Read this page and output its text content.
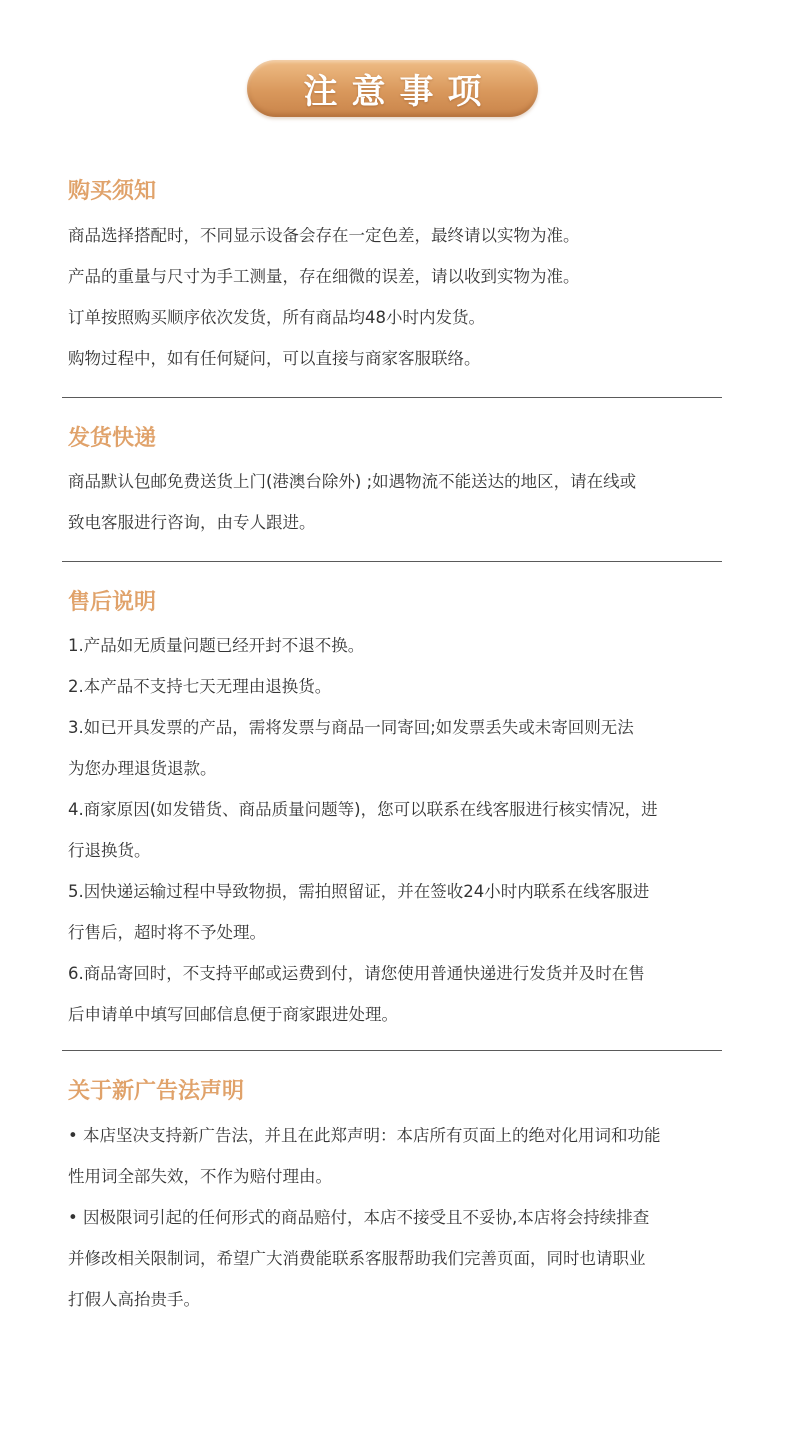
注意事项
购买须知
商品选择搭配时，不同显示设备会存在一定色差，最终请以实物为准。
产品的重量与尺寸为手工测量，存在细微的误差，请以收到实物为准。
订单按照购买顺序依次发货，所有商品均48小时内发货。
购物过程中，如有任何疑问，可以直接与商家客服联络。
发货快递
商品默认包邮免费送货上门(港澳台除外) ;如遇物流不能送达的地区，请在线或
致电客服进行咨询，由专人跟进。
售后说明
1.产品如无质量问题已经开封不退不换。
2.本产品不支持七天无理由退换货。
3.如已开具发票的产品，需将发票与商品一同寄回;如发票丢失或未寄回则无法
为您办理退货退款。
4.商家原因(如发错货、商品质量问题等)，您可以联系在线客服进行核实情况，进
行退换货。
5.因快递运输过程中导致物损，需拍照留证，并在签收24小时内联系在线客服进
行售后，超时将不予处理。
6.商品寄回时，不支持平邮或运费到付，请您使用普通快递进行发货并及时在售
后申请单中填写回邮信息便于商家跟进处理。
关于新广告法声明
• 本店坚决支持新广告法，并且在此郑声明：本店所有页面上的绝对化用词和功能
性用词全部失效，不作为赔付理由。
• 因极限词引起的任何形式的商品赔付，本店不接受且不妥协,本店将会持续排查
并修改相关限制词，希望广大消费能联系客服帮助我们完善页面，同时也请职业
打假人高抬贵手。
